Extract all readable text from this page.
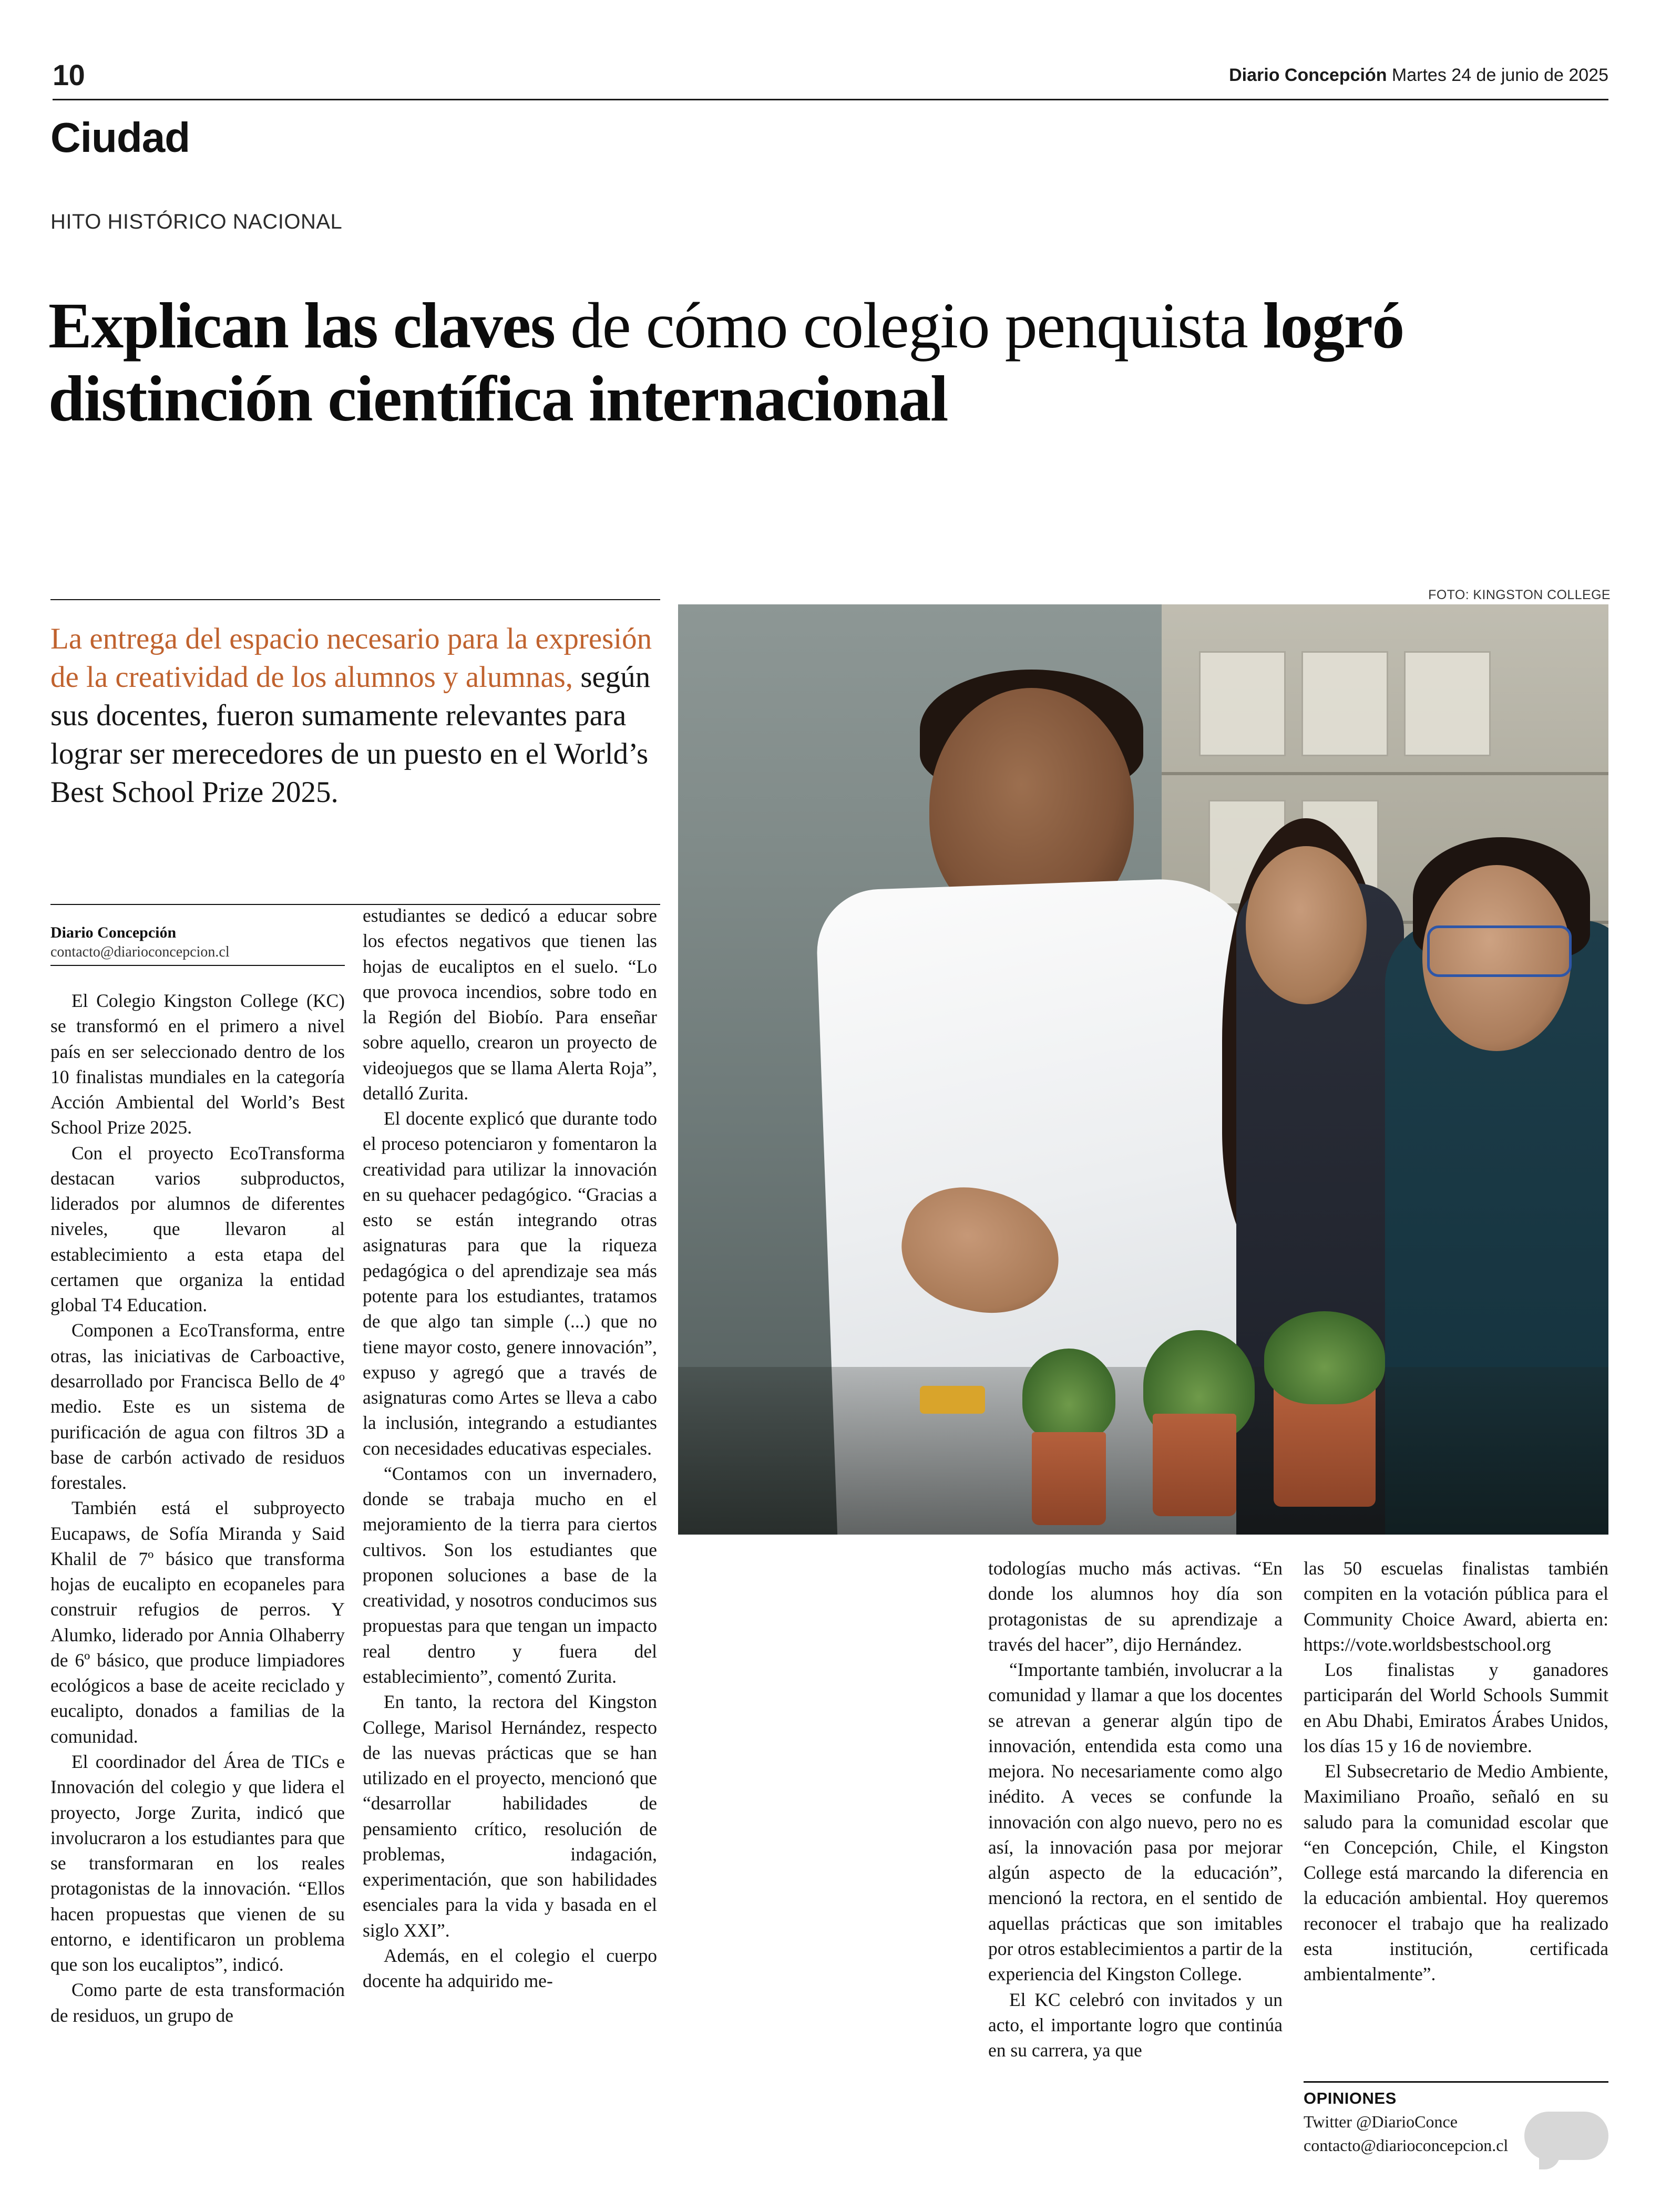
10	Diario Concepción Martes 24 de junio de 2025
Ciudad
HITO HISTÓRICO NACIONAL
Explican las claves de cómo colegio penquista logró distinción científica internacional
La entrega del espacio necesario para la expresión de la creatividad de los alumnos y alumnas, según sus docentes, fueron sumamente relevantes para lograr ser merecedores de un puesto en el World’s Best School Prize 2025.
Diario Concepción
contacto@diarioconcepcion.cl
FOTO: KINGSTON COLLEGE

El Colegio Kingston College (KC) se transformó en el primero a nivel país en ser seleccionado dentro de los 10 finalistas mundiales en la categoría Acción Ambiental del World’s Best School Prize 2025.

Con el proyecto EcoTransforma destacan varios subproductos, liderados por alumnos de diferentes niveles, que llevaron al establecimiento a esta etapa del certamen que organiza la entidad global T4 Education.

Componen a EcoTransforma, entre otras, las iniciativas de Carboactive, desarrollado por Francisca Bello de 4º medio. Este es un sistema de purificación de agua con filtros 3D a base de carbón activado de residuos forestales.

También está el subproyecto Eucapaws, de Sofía Miranda y Said Khalil de 7º básico que transforma hojas de eucalipto en ecopaneles para construir refugios de perros. Y Alumko, liderado por Annia Olhaberry de 6º básico, que produce limpiadores ecológicos a base de aceite reciclado y eucalipto, donados a familias de la comunidad.

El coordinador del Área de TICs e Innovación del colegio y que lidera el proyecto, Jorge Zurita, indicó que involucraron a los estudiantes para que se transformaran en los reales protagonistas de la innovación. “Ellos hacen propuestas que vienen de su entorno, e identificaron un problema que son los eucaliptos”, indicó.

Como parte de esta transformación de residuos, un grupo de

estudiantes se dedicó a educar sobre los efectos negativos que tienen las hojas de eucaliptos en el suelo. “Lo que provoca incendios, sobre todo en la Región del Biobío. Para enseñar sobre aquello, crearon un proyecto de videojuegos que se llama Alerta Roja”, detalló Zurita.

El docente explicó que durante todo el proceso potenciaron y fomentaron la creatividad para utilizar la innovación en su quehacer pedagógico. “Gracias a esto se están integrando otras asignaturas para que la riqueza pedagógica o del aprendizaje sea más potente para los estudiantes, tratamos de que algo tan simple (...) que no tiene mayor costo, genere innovación”, expuso y agregó que a través de asignaturas como Artes se lleva a cabo la inclusión, integrando a estudiantes con necesidades educativas especiales.

“Contamos con un invernadero, donde se trabaja mucho en el mejoramiento de la tierra para ciertos cultivos. Son los estudiantes que proponen soluciones a base de la creatividad, y nosotros conducimos sus propuestas para que tengan un impacto real dentro y fuera del establecimiento”, comentó Zurita.

En tanto, la rectora del Kingston College, Marisol Hernández, respecto de las nuevas prácticas que se han utilizado en el proyecto, mencionó que “desarrollar habilidades de pensamiento crítico, resolución de problemas, indagación, experimentación, que son habilidades esenciales para la vida y basada en el siglo XXI”.

Además, en el colegio el cuerpo docente ha adquirido me-

todologías mucho más activas. “En donde los alumnos hoy día son protagonistas de su aprendizaje a través del hacer”, dijo Hernández.

“Importante también, involucrar a la comunidad y llamar a que los docentes se atrevan a generar algún tipo de innovación, entendida esta como una mejora. No necesariamente como algo inédito. A veces se confunde la innovación con algo nuevo, pero no es así, la innovación pasa por mejorar algún aspecto de la educación”, mencionó la rectora, en el sentido de aquellas prácticas que son imitables por otros establecimientos a partir de la experiencia del Kingston College.

El KC celebró con invitados y un acto, el importante logro que continúa en su carrera, ya que

las 50 escuelas finalistas también compiten en la votación pública para el Community Choice Award, abierta en: https://vote.worldsbestschool.org

Los finalistas y ganadores participarán del World Schools Summit en Abu Dhabi, Emiratos Árabes Unidos, los días 15 y 16 de noviembre.

El Subsecretario de Medio Ambiente, Maximiliano Proaño, señaló en su saludo para la comunidad escolar que “en Concepción, Chile, el Kingston College está marcando la diferencia en la educación ambiental. Hoy queremos reconocer el trabajo que ha realizado esta institución, certificada ambientalmente”.

OPINIONES
Twitter @DiarioConce
contacto@diarioconcepcion.cl
